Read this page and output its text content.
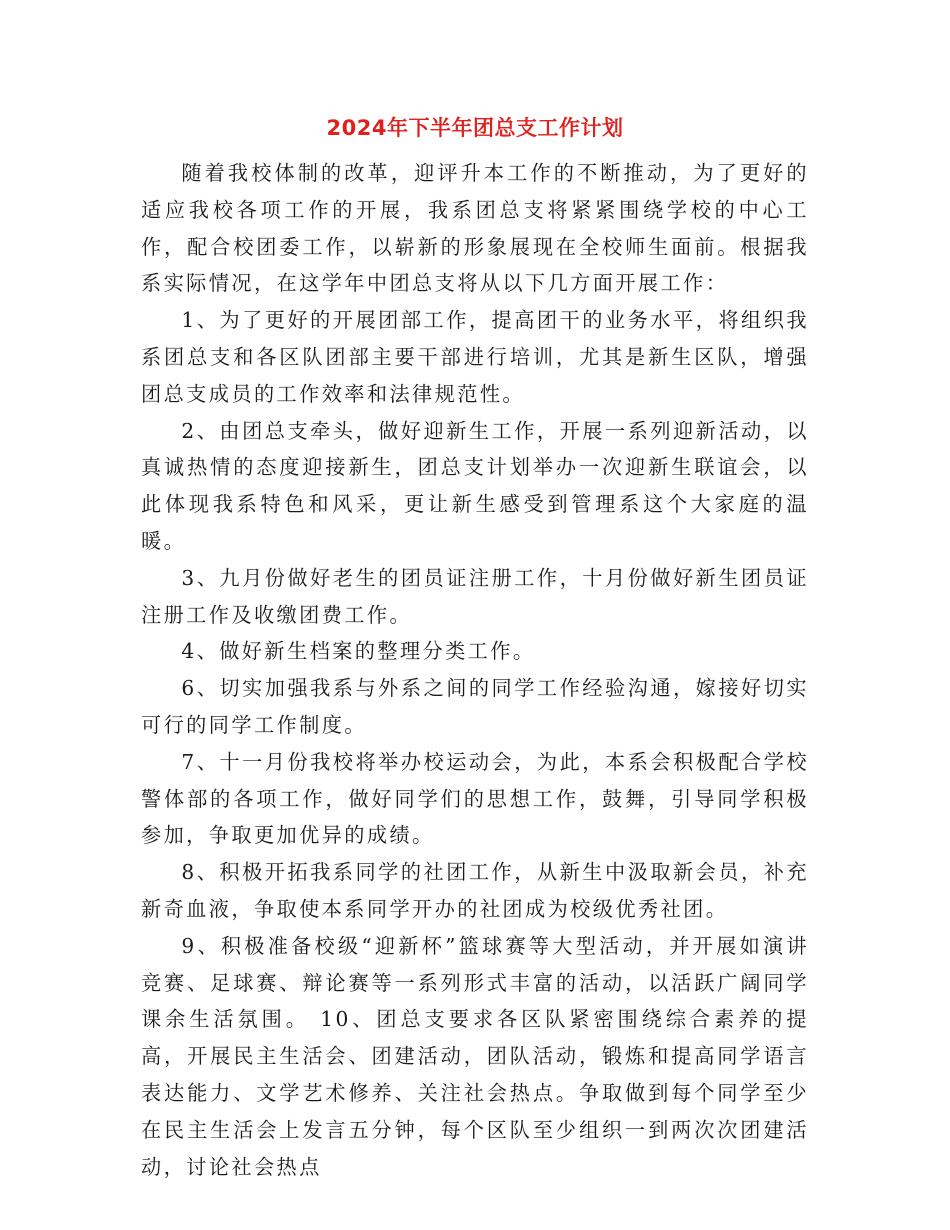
2024年下半年团总支工作计划

随着我校体制的改革，迎评升本工作的不断推动，为了更好的适应我校各项工作的开展，我系团总支将紧紧围绕学校的中心工作，配合校团委工作，以崭新的形象展现在全校师生面前。根据我系实际情况，在这学年中团总支将从以下几方面开展工作：

1、为了更好的开展团部工作，提高团干的业务水平，将组织我系团总支和各区队团部主要干部进行培训，尤其是新生区队，增强团总支成员的工作效率和法律规范性。

2、由团总支牵头，做好迎新生工作，开展一系列迎新活动，以真诚热情的态度迎接新生，团总支计划举办一次迎新生联谊会，以此体现我系特色和风采，更让新生感受到管理系这个大家庭的温暖。

3、九月份做好老生的团员证注册工作，十月份做好新生团员证注册工作及收缴团费工作。

4、做好新生档案的整理分类工作。

6、切实加强我系与外系之间的同学工作经验沟通，嫁接好切实可行的同学工作制度。

7、十一月份我校将举办校运动会，为此，本系会积极配合学校警体部的各项工作，做好同学们的思想工作，鼓舞，引导同学积极参加，争取更加优异的成绩。

8、积极开拓我系同学的社团工作，从新生中汲取新会员，补充新奇血液，争取使本系同学开办的社团成为校级优秀社团。

9、积极准备校级“迎新杯”篮球赛等大型活动，并开展如演讲竞赛、足球赛、辩论赛等一系列形式丰富的活动，以活跃广阔同学课余生活氛围。 10、团总支要求各区队紧密围绕综合素养的提高，开展民主生活会、团建活动，团队活动，锻炼和提高同学语言表达能力、文学艺术修养、关注社会热点。争取做到每个同学至少在民主生活会上发言五分钟，每个区队至少组织一到两次次团建活动，讨论社会热点
